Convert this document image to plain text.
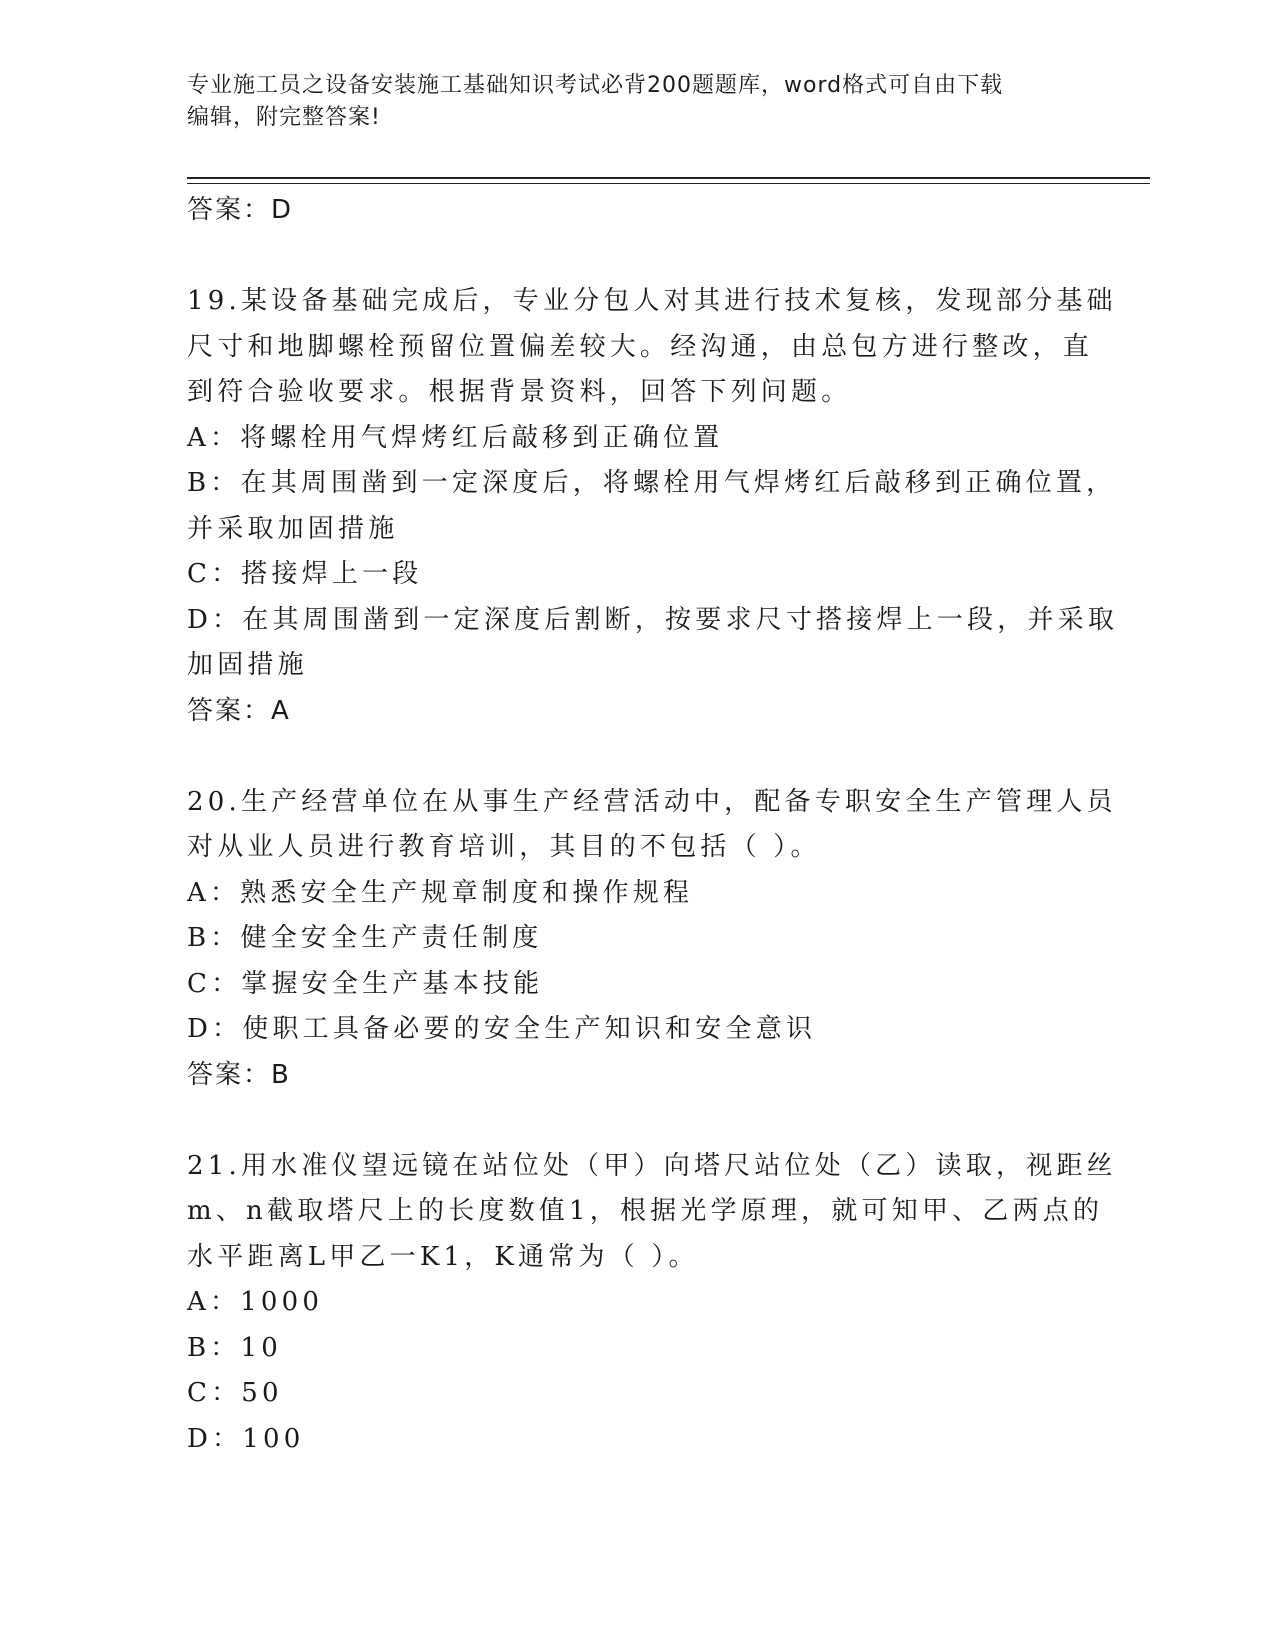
专业施工员之设备安装施工基础知识考试必背200题题库，word格式可自由下载
编辑，附完整答案!
答案：D
19.某设备基础完成后，专业分包人对其进行技术复核，发现部分基础
尺寸和地脚螺栓预留位置偏差较大。经沟通，由总包方进行整改，直
到符合验收要求。根据背景资料，回答下列问题。
A：将螺栓用气焊烤红后敲移到正确位置
B：在其周围凿到一定深度后，将螺栓用气焊烤红后敲移到正确位置，
并采取加固措施
C：搭接焊上一段
D：在其周围凿到一定深度后割断，按要求尺寸搭接焊上一段，并采取
加固措施
答案：A
20.生产经营单位在从事生产经营活动中，配备专职安全生产管理人员
对从业人员进行教育培训，其目的不包括（ ）。
A：熟悉安全生产规章制度和操作规程
B：健全安全生产责任制度
C：掌握安全生产基本技能
D：使职工具备必要的安全生产知识和安全意识
答案：B
21.用水准仪望远镜在站位处（甲）向塔尺站位处（乙）读取，视距丝
m、n截取塔尺上的长度数值1，根据光学原理，就可知甲、乙两点的
水平距离L甲乙一K1，K通常为（ ）。
A：1000
B：10
C：50
D：100
